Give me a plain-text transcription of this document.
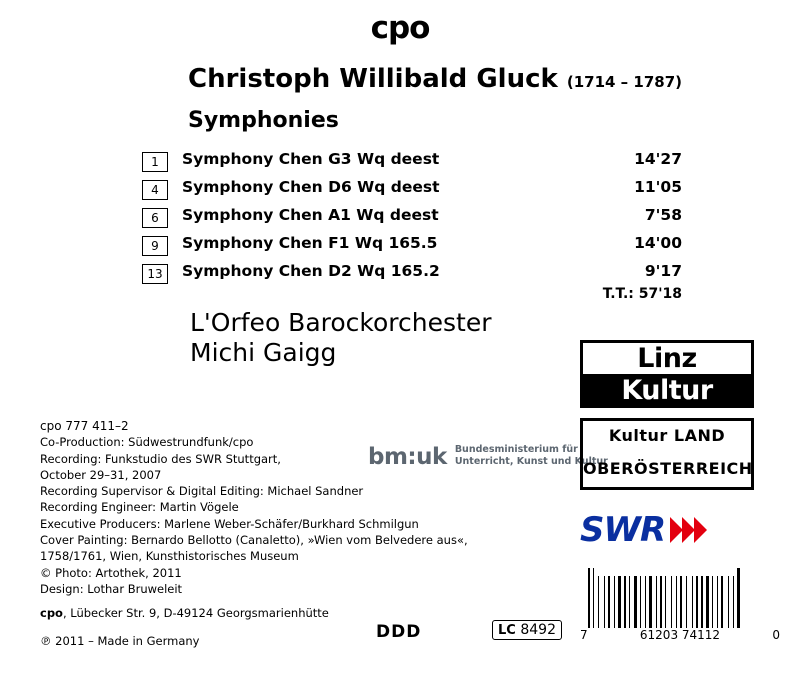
cpo
Christoph Willibald Gluck (1714 – 1787)
Symphonies
1	Symphony Chen G3 Wq deest	14'27
4	Symphony Chen D6 Wq deest	11'05
6	Symphony Chen A1 Wq deest	7'58
9	Symphony Chen F1 Wq 165.5	14'00
13	Symphony Chen D2 Wq 165.2	9'17
T.T.: 57'18
L'Orfeo Barockorchester
Michi Gaigg
cpo 777 411–2
Co-Production: Südwestrundfunk/cpo
Recording: Funkstudio des SWR Stuttgart,
October 29–31, 2007
Recording Supervisor & Digital Editing: Michael Sandner
Recording Engineer: Martin Vögele
Executive Producers: Marlene Weber-Schäfer/Burkhard Schmilgun
Cover Painting: Bernardo Bellotto (Canaletto), »Wien vom Belvedere aus«,
1758/1761, Wien, Kunsthistorisches Museum
© Photo: Artothek, 2011
Design: Lothar Bruweleit
cpo, Lübecker Str. 9, D-49124 Georgsmarienhütte
℗ 2011 – Made in Germany
bm:uk Bundesministerium für
Unterricht, Kunst und Kultur
Linz
Kultur
Kultur LAND
OBERÖSTERREICH
SWR
7	61203 74112	0
DDD	LC 8492
